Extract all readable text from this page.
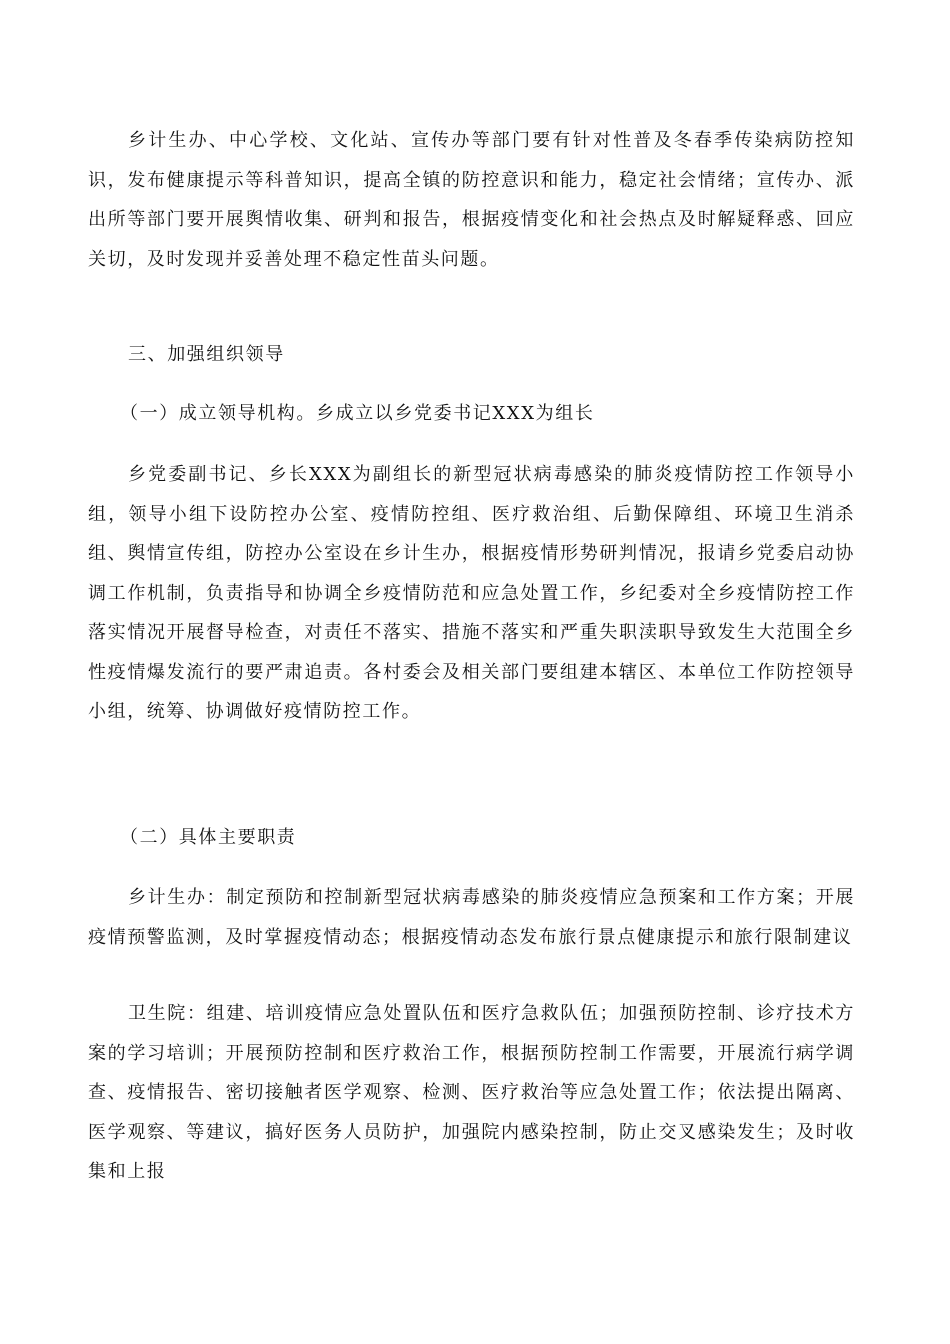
乡计生办、中心学校、文化站、宣传办等部门要有针对性普及冬春季传染病防控知识，发布健康提示等科普知识，提高全镇的防控意识和能力，稳定社会情绪；宣传办、派出所等部门要开展舆情收集、研判和报告，根据疫情变化和社会热点及时解疑释惑、回应关切，及时发现并妥善处理不稳定性苗头问题。

三、加强组织领导

（一）成立领导机构。乡成立以乡党委书记XXX为组长

乡党委副书记、乡长XXX为副组长的新型冠状病毒感染的肺炎疫情防控工作领导小组，领导小组下设防控办公室、疫情防控组、医疗救治组、后勤保障组、环境卫生消杀组、舆情宣传组，防控办公室设在乡计生办，根据疫情形势研判情况，报请乡党委启动协调工作机制，负责指导和协调全乡疫情防范和应急处置工作，乡纪委对全乡疫情防控工作落实情况开展督导检查，对责任不落实、措施不落实和严重失职渎职导致发生大范围全乡性疫情爆发流行的要严肃追责。各村委会及相关部门要组建本辖区、本单位工作防控领导小组，统筹、协调做好疫情防控工作。

（二）具体主要职责

乡计生办：制定预防和控制新型冠状病毒感染的肺炎疫情应急预案和工作方案；开展疫情预警监测，及时掌握疫情动态；根据疫情动态发布旅行景点健康提示和旅行限制建议

卫生院：组建、培训疫情应急处置队伍和医疗急救队伍；加强预防控制、诊疗技术方案的学习培训；开展预防控制和医疗救治工作，根据预防控制工作需要，开展流行病学调查、疫情报告、密切接触者医学观察、检测、医疗救治等应急处置工作；依法提出隔离、医学观察、等建议，搞好医务人员防护，加强院内感染控制，防止交叉感染发生；及时收集和上报
